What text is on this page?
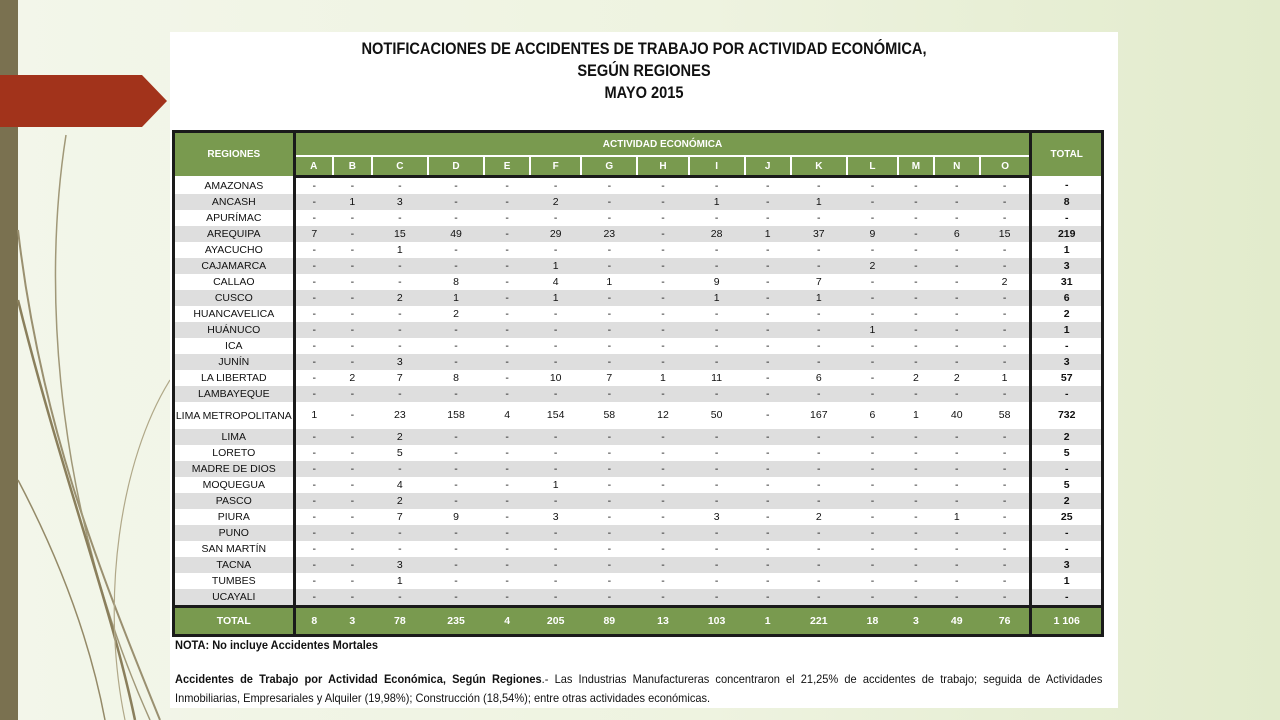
NOTIFICACIONES DE ACCIDENTES DE TRABAJO POR ACTIVIDAD ECONÓMICA,
SEGÚN REGIONES
MAYO 2015
REGIONES	ACTIVIDAD ECONÓMICA															TOTAL
	A	B	C	D	E	F	G	H	I	J	K	L	M	N	O	
AMAZONAS	-	-	-	-	-	-	-	-	-	-	-	-	-	-	-	-
ANCASH	-	1	3	-	-	2	-	-	1	-	1	-	-	-	-	8
APURÍMAC	-	-	-	-	-	-	-	-	-	-	-	-	-	-	-	-
AREQUIPA	7	-	15	49	-	29	23	-	28	1	37	9	-	6	15	219
AYACUCHO	-	-	1	-	-	-	-	-	-	-	-	-	-	-	-	1
CAJAMARCA	-	-	-	-	-	1	-	-	-	-	-	2	-	-	-	3
CALLAO	-	-	-	8	-	4	1	-	9	-	7	-	-	-	2	31
CUSCO	-	-	2	1	-	1	-	-	1	-	1	-	-	-	-	6
HUANCAVELICA	-	-	-	2	-	-	-	-	-	-	-	-	-	-	-	2
HUÁNUCO	-	-	-	-	-	-	-	-	-	-	-	1	-	-	-	1
ICA	-	-	-	-	-	-	-	-	-	-	-	-	-	-	-	-
JUNÍN	-	-	3	-	-	-	-	-	-	-	-	-	-	-	-	3
LA LIBERTAD	-	2	7	8	-	10	7	1	11	-	6	-	2	2	1	57
LAMBAYEQUE	-	-	-	-	-	-	-	-	-	-	-	-	-	-	-	-
LIMA METROPOLITANA	1	-	23	158	4	154	58	12	50	-	167	6	1	40	58	732
LIMA	-	-	2	-	-	-	-	-	-	-	-	-	-	-	-	2
LORETO	-	-	5	-	-	-	-	-	-	-	-	-	-	-	-	5
MADRE DE DIOS	-	-	-	-	-	-	-	-	-	-	-	-	-	-	-	-
MOQUEGUA	-	-	4	-	-	1	-	-	-	-	-	-	-	-	-	5
PASCO	-	-	2	-	-	-	-	-	-	-	-	-	-	-	-	2
PIURA	-	-	7	9	-	3	-	-	3	-	2	-	-	1	-	25
PUNO	-	-	-	-	-	-	-	-	-	-	-	-	-	-	-	-
SAN MARTÍN	-	-	-	-	-	-	-	-	-	-	-	-	-	-	-	-
TACNA	-	-	3	-	-	-	-	-	-	-	-	-	-	-	-	3
TUMBES	-	-	1	-	-	-	-	-	-	-	-	-	-	-	-	1
UCAYALI	-	-	-	-	-	-	-	-	-	-	-	-	-	-	-	-
TOTAL	8	3	78	235	4	205	89	13	103	1	221	18	3	49	76	1 106
NOTA: No incluye Accidentes Mortales
Accidentes de Trabajo por Actividad Económica, Según Regiones.- Las Industrias Manufactureras concentraron el 21,25% de accidentes de trabajo; seguida de Actividades Inmobiliarias, Empresariales y Alquiler (19,98%); Construcción (18,54%); entre otras actividades económicas.
